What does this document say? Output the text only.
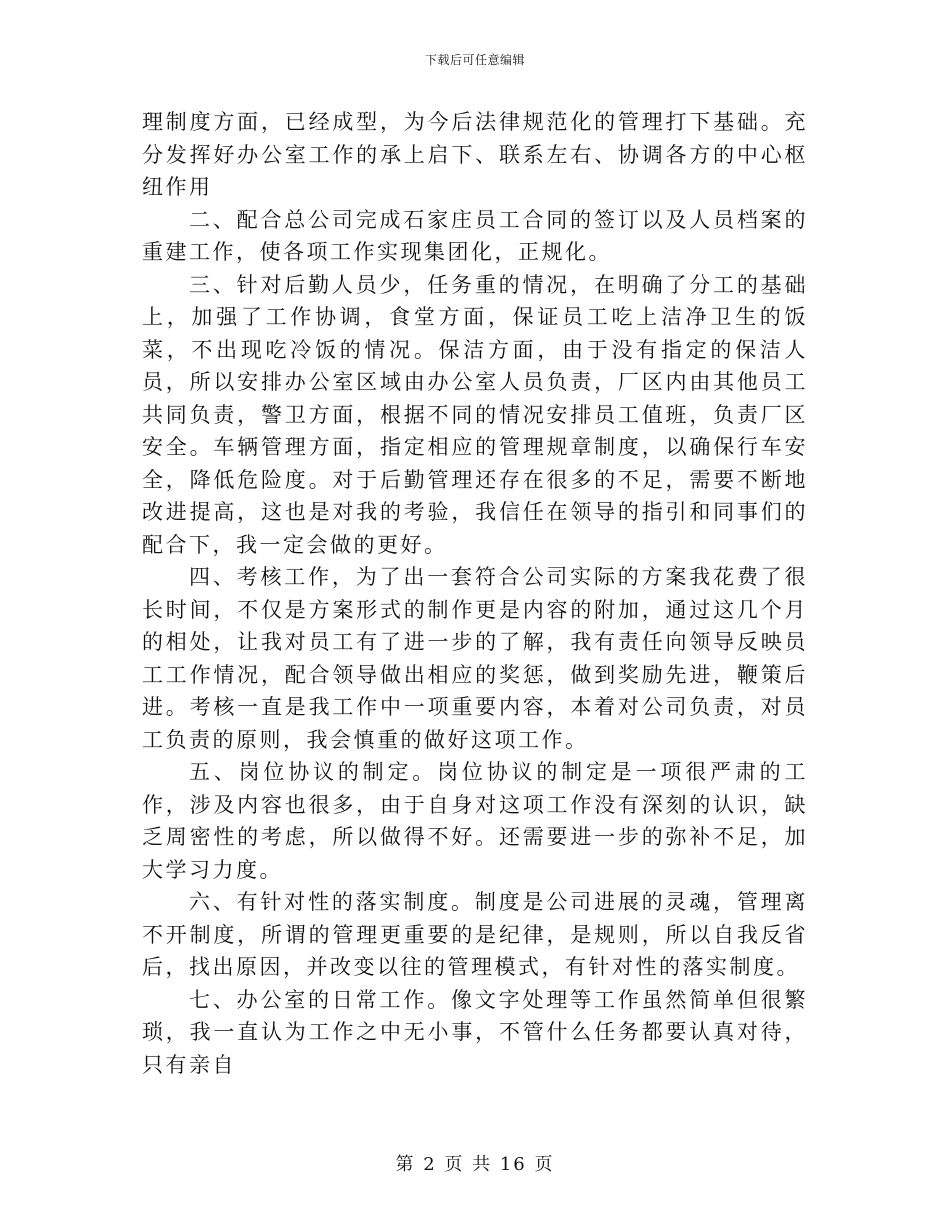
下载后可任意编辑

理制度方面，已经成型，为今后法律规范化的管理打下基础。充分发挥好办公室工作的承上启下、联系左右、协调各方的中心枢纽作用

二、配合总公司完成石家庄员工合同的签订以及人员档案的重建工作，使各项工作实现集团化，正规化。

三、针对后勤人员少，任务重的情况，在明确了分工的基础上，加强了工作协调，食堂方面，保证员工吃上洁净卫生的饭菜，不出现吃冷饭的情况。保洁方面，由于没有指定的保洁人员，所以安排办公室区域由办公室人员负责，厂区内由其他员工共同负责，警卫方面，根据不同的情况安排员工值班，负责厂区安全。车辆管理方面，指定相应的管理规章制度，以确保行车安全，降低危险度。对于后勤管理还存在很多的不足，需要不断地改进提高，这也是对我的考验，我信任在领导的指引和同事们的配合下，我一定会做的更好。

四、考核工作，为了出一套符合公司实际的方案我花费了很长时间，不仅是方案形式的制作更是内容的附加，通过这几个月的相处，让我对员工有了进一步的了解，我有责任向领导反映员工工作情况，配合领导做出相应的奖惩，做到奖励先进，鞭策后进。考核一直是我工作中一项重要内容，本着对公司负责，对员工负责的原则，我会慎重的做好这项工作。

五、岗位协议的制定。岗位协议的制定是一项很严肃的工作，涉及内容也很多，由于自身对这项工作没有深刻的认识，缺乏周密性的考虑，所以做得不好。还需要进一步的弥补不足，加大学习力度。

六、有针对性的落实制度。制度是公司进展的灵魂，管理离不开制度，所谓的管理更重要的是纪律，是规则，所以自我反省后，找出原因，并改变以往的管理模式，有针对性的落实制度。

七、办公室的日常工作。像文字处理等工作虽然简单但很繁琐，我一直认为工作之中无小事，不管什么任务都要认真对待，只有亲自

第 2 页 共 16 页
